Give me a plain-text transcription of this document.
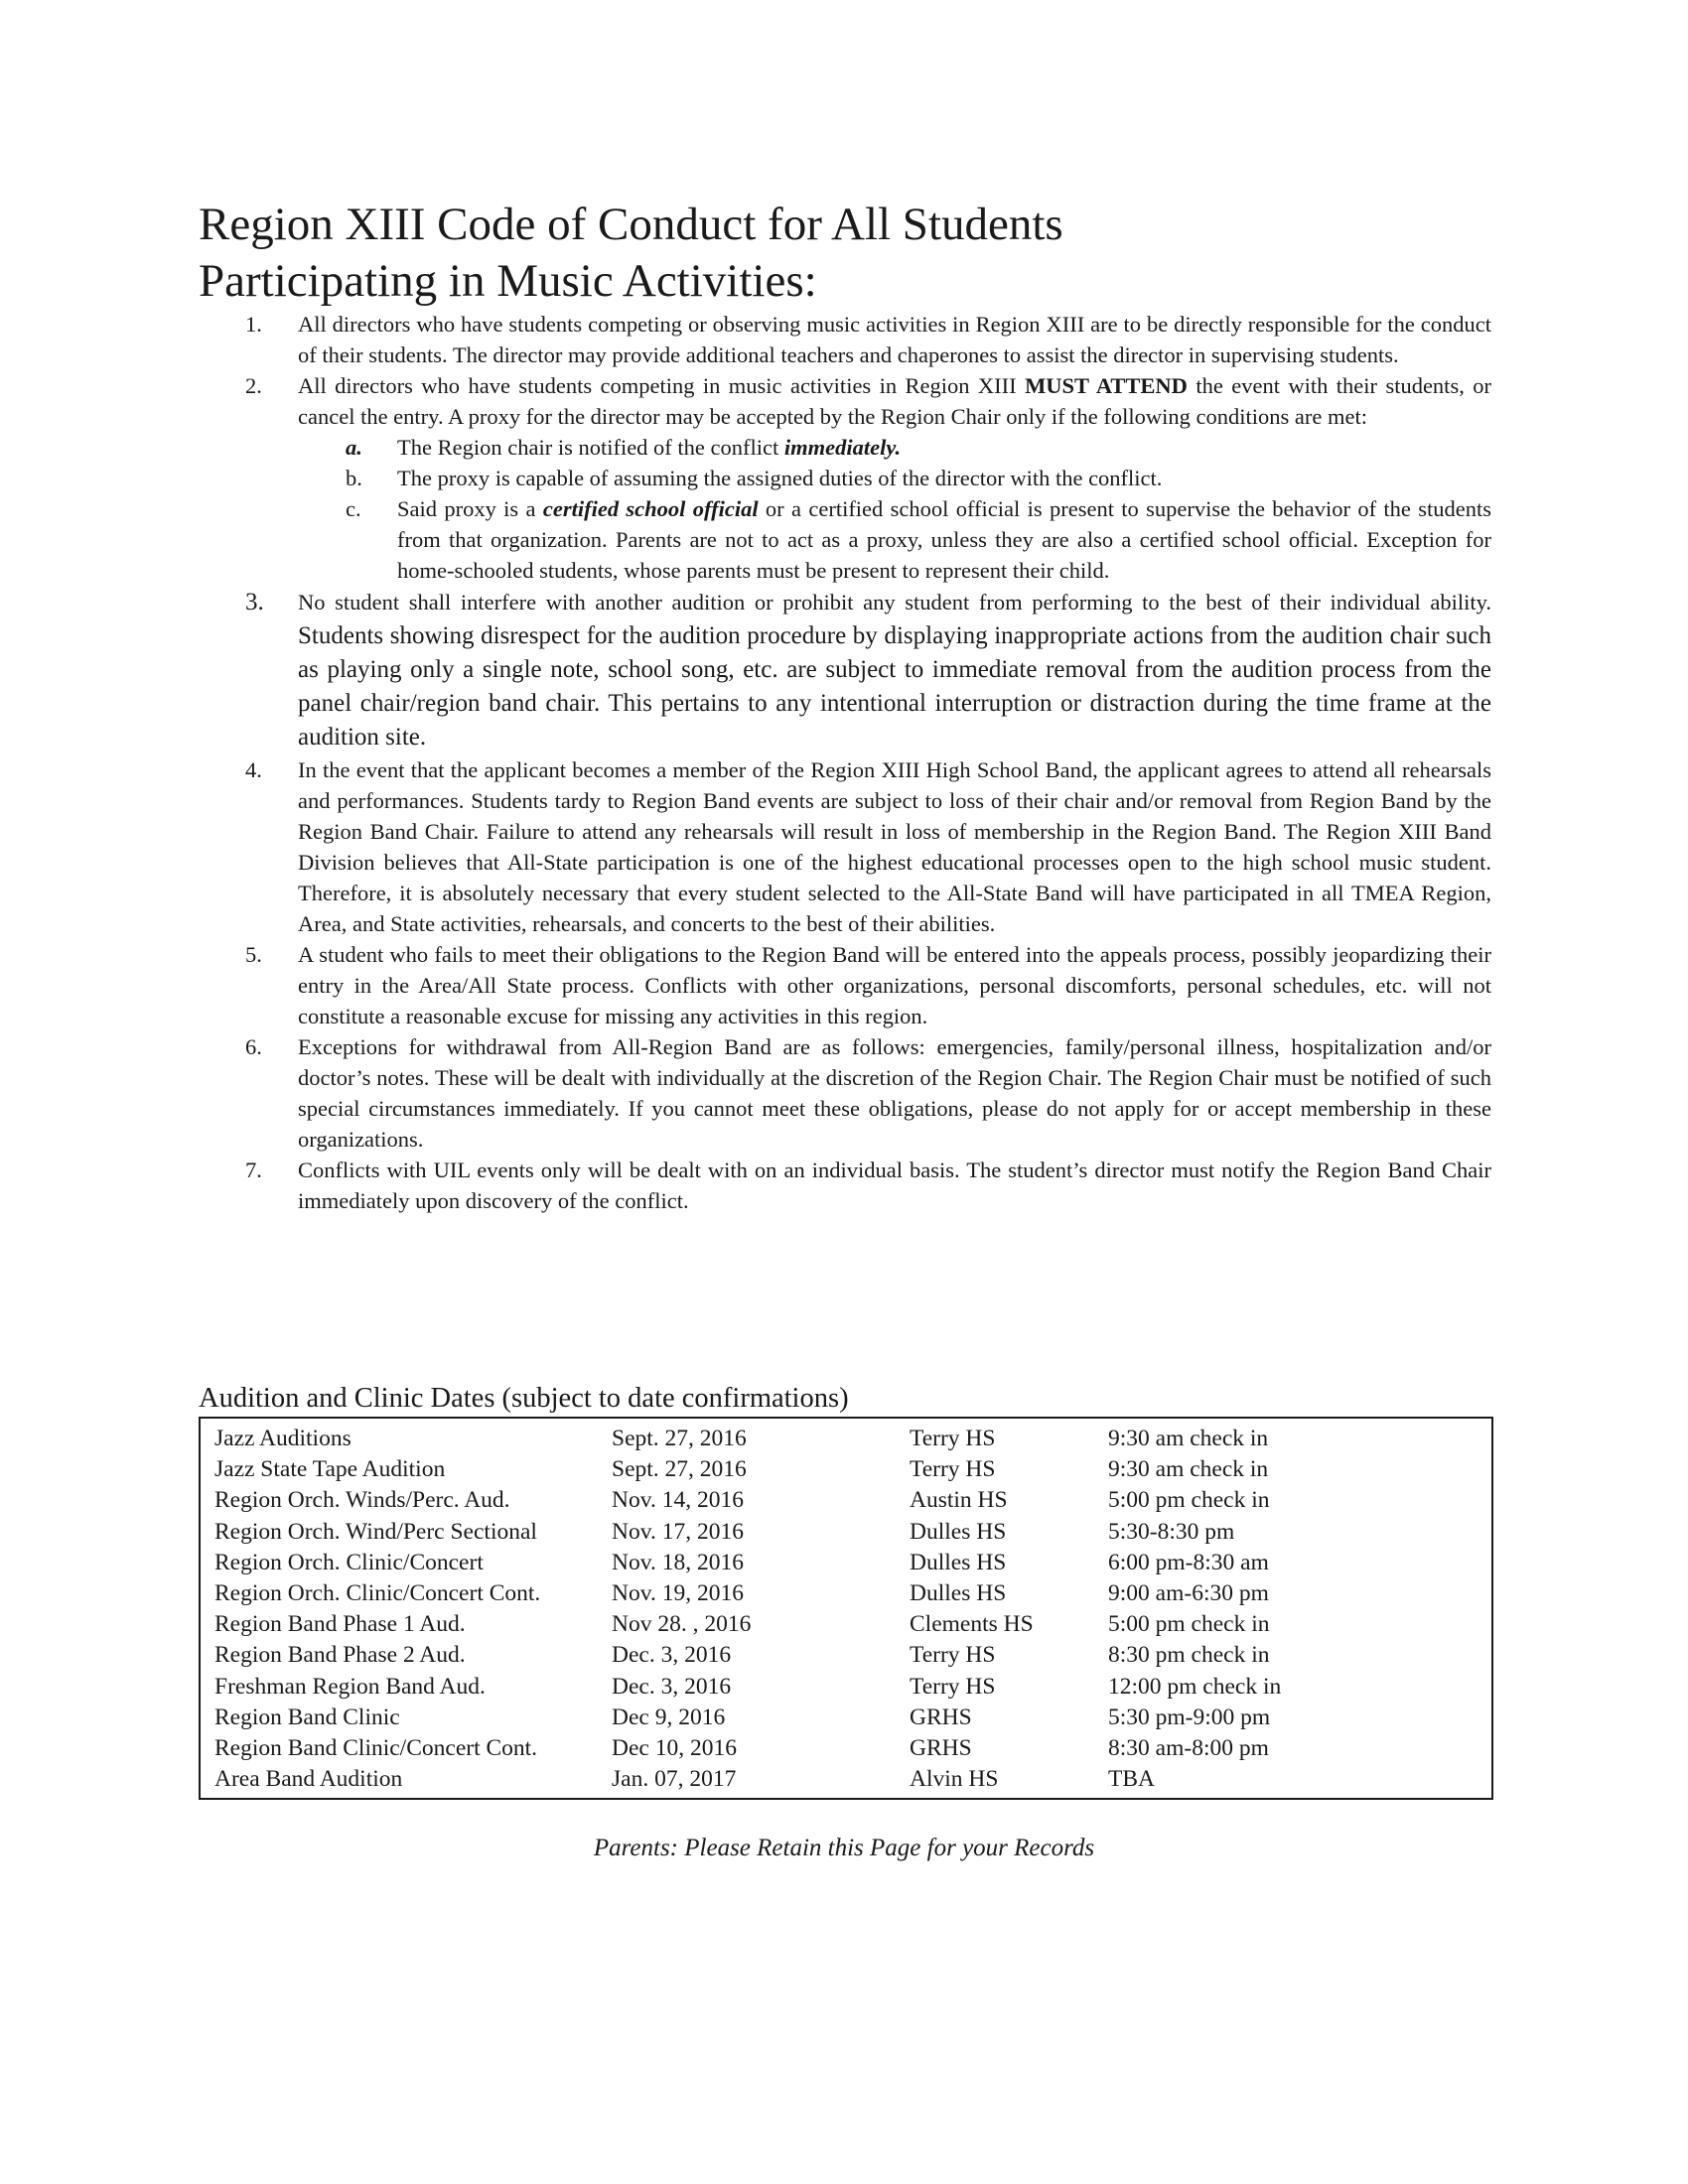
Region XIII Code of Conduct for All Students
Participating in Music Activities:
1. All directors who have students competing or observing music activities in Region XIII are to be directly responsible for the conduct of their students. The director may provide additional teachers and chaperones to assist the director in supervising students.
2. All directors who have students competing in music activities in Region XIII MUST ATTEND the event with their students, or cancel the entry. A proxy for the director may be accepted by the Region Chair only if the following conditions are met:
a. The Region chair is notified of the conflict immediately.
b. The proxy is capable of assuming the assigned duties of the director with the conflict.
c. Said proxy is a certified school official or a certified school official is present to supervise the behavior of the students from that organization. Parents are not to act as a proxy, unless they are also a certified school official. Exception for home-schooled students, whose parents must be present to represent their child.
3. No student shall interfere with another audition or prohibit any student from performing to the best of their individual ability. Students showing disrespect for the audition procedure by displaying inappropriate actions from the audition chair such as playing only a single note, school song, etc. are subject to immediate removal from the audition process from the panel chair/region band chair. This pertains to any intentional interruption or distraction during the time frame at the audition site.
4. In the event that the applicant becomes a member of the Region XIII High School Band, the applicant agrees to attend all rehearsals and performances. Students tardy to Region Band events are subject to loss of their chair and/or removal from Region Band by the Region Band Chair. Failure to attend any rehearsals will result in loss of membership in the Region Band. The Region XIII Band Division believes that All-State participation is one of the highest educational processes open to the high school music student. Therefore, it is absolutely necessary that every student selected to the All-State Band will have participated in all TMEA Region, Area, and State activities, rehearsals, and concerts to the best of their abilities.
5. A student who fails to meet their obligations to the Region Band will be entered into the appeals process, possibly jeopardizing their entry in the Area/All State process. Conflicts with other organizations, personal discomforts, personal schedules, etc. will not constitute a reasonable excuse for missing any activities in this region.
6. Exceptions for withdrawal from All-Region Band are as follows: emergencies, family/personal illness, hospitalization and/or doctor’s notes. These will be dealt with individually at the discretion of the Region Chair. The Region Chair must be notified of such special circumstances immediately. If you cannot meet these obligations, please do not apply for or accept membership in these organizations.
7. Conflicts with UIL events only will be dealt with on an individual basis. The student’s director must notify the Region Band Chair immediately upon discovery of the conflict.
Audition and Clinic Dates (subject to date confirmations)
Jazz Auditions	Sept. 27, 2016	Terry HS	9:30 am check in
Jazz State Tape Audition	Sept. 27, 2016	Terry HS	9:30 am check in
Region Orch. Winds/Perc. Aud.	Nov. 14, 2016	Austin HS	5:00 pm check in
Region Orch. Wind/Perc Sectional	Nov. 17, 2016	Dulles HS	5:30-8:30 pm
Region Orch. Clinic/Concert	Nov. 18, 2016	Dulles HS	6:00 pm-8:30 am
Region Orch. Clinic/Concert Cont.	Nov. 19, 2016	Dulles HS	9:00 am-6:30 pm
Region Band Phase 1 Aud.	Nov 28. , 2016	Clements HS	5:00 pm check in
Region Band Phase 2 Aud.	Dec. 3, 2016	Terry HS	8:30 pm check in
Freshman Region Band Aud.	Dec. 3, 2016	Terry HS	12:00 pm check in
Region Band Clinic	Dec 9, 2016	GRHS	5:30 pm-9:00 pm
Region Band Clinic/Concert Cont.	Dec 10, 2016	GRHS	8:30 am-8:00 pm
Area Band Audition	Jan. 07, 2017	Alvin HS	TBA

Parents: Please Retain this Page for your Records
